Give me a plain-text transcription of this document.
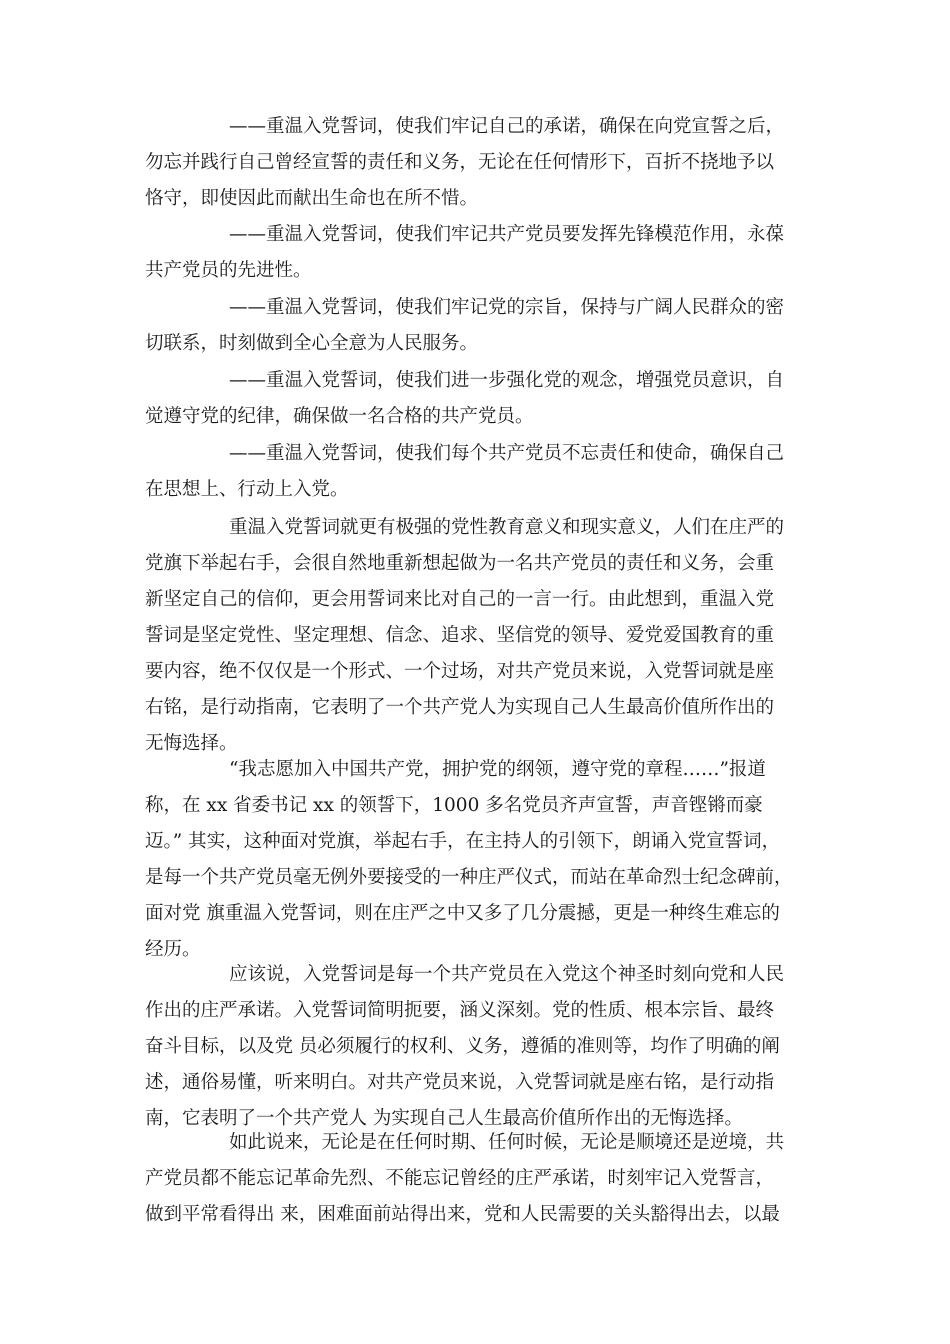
——重温入党誓词，使我们牢记自己的承诺，确保在向党宣誓之后，
勿忘并践行自己曾经宣誓的责任和义务，无论在任何情形下，百折不挠地予以
恪守，即使因此而献出生命也在所不惜。
——重温入党誓词，使我们牢记共产党员要发挥先锋模范作用，永葆
共产党员的先进性。
——重温入党誓词，使我们牢记党的宗旨，保持与广阔人民群众的密
切联系，时刻做到全心全意为人民服务。
——重温入党誓词，使我们进一步强化党的观念，增强党员意识，自
觉遵守党的纪律，确保做一名合格的共产党员。
——重温入党誓词，使我们每个共产党员不忘责任和使命，确保自己
在思想上、行动上入党。
重温入党誓词就更有极强的党性教育意义和现实意义，人们在庄严的
党旗下举起右手，会很自然地重新想起做为一名共产党员的责任和义务，会重
新坚定自己的信仰，更会用誓词来比对自己的一言一行。由此想到，重温入党
誓词是坚定党性、坚定理想、信念、追求、坚信党的领导、爱党爱国教育的重
要内容，绝不仅仅是一个形式、一个过场，对共产党员来说，入党誓词就是座
右铭，是行动指南，它表明了一个共产党人为实现自己人生最高价值所作出的
无悔选择。
“我志愿加入中国共产党，拥护党的纲领，遵守党的章程……”报道
称，在 xx 省委书记 xx 的领誓下，1000 多名党员齐声宣誓，声音铿锵而豪
迈。” 其实，这种面对党旗，举起右手，在主持人的引领下，朗诵入党宣誓词，
是每一个共产党员毫无例外要接受的一种庄严仪式，而站在革命烈士纪念碑前，
面对党 旗重温入党誓词，则在庄严之中又多了几分震撼，更是一种终生难忘的
经历。
应该说，入党誓词是每一个共产党员在入党这个神圣时刻向党和人民
作出的庄严承诺。入党誓词简明扼要，涵义深刻。党的性质、根本宗旨、最终
奋斗目标，以及党 员必须履行的权利、义务，遵循的准则等，均作了明确的阐
述，通俗易懂，听来明白。对共产党员来说，入党誓词就是座右铭，是行动指
南，它表明了一个共产党人 为实现自己人生最高价值所作出的无悔选择。
如此说来，无论是在任何时期、任何时候，无论是顺境还是逆境，共
产党员都不能忘记革命先烈、不能忘记曾经的庄严承诺，时刻牢记入党誓言，
做到平常看得出 来，困难面前站得出来，党和人民需要的关头豁得出去，以最
